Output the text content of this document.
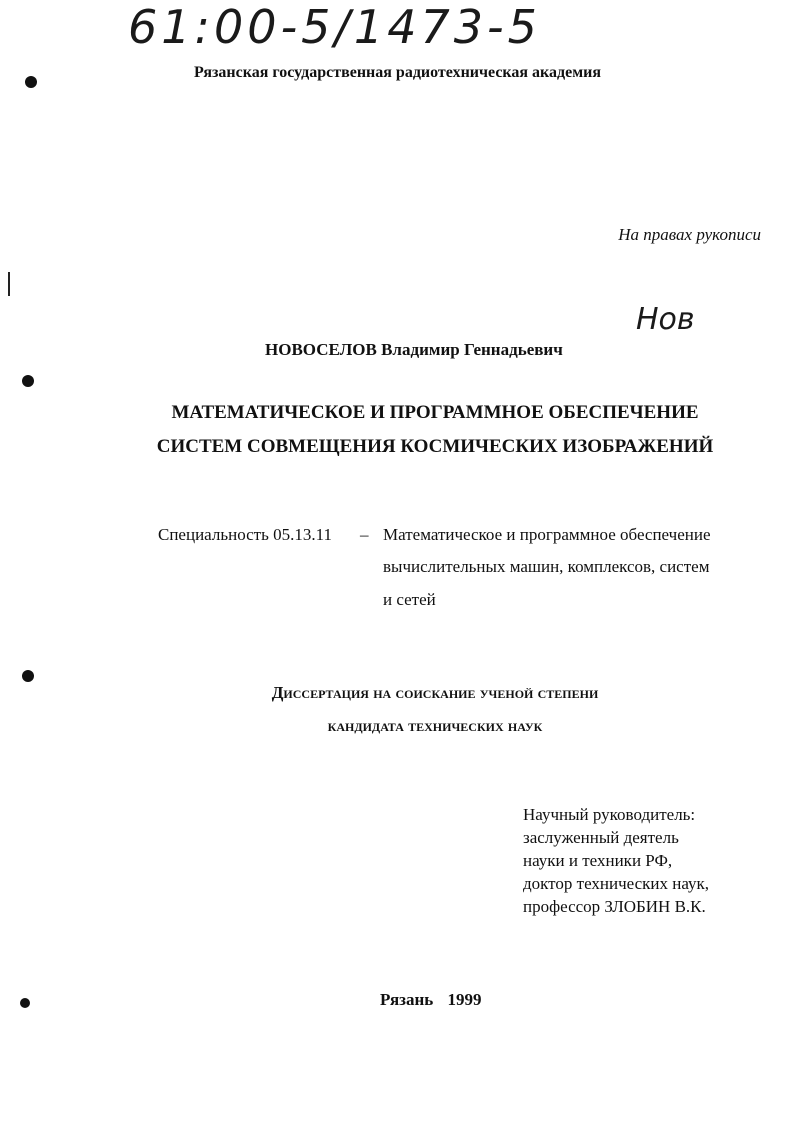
61:00-5/1473-5
Рязанская государственная радиотехническая академия
На правах рукописи
НОВОСЕЛОВ Владимир Геннадьевич
Нов
МАТЕМАТИЧЕСКОЕ И ПРОГРАММНОЕ ОБЕСПЕЧЕНИЕ
СИСТЕМ СОВМЕЩЕНИЯ КОСМИЧЕСКИХ ИЗОБРАЖЕНИЙ
Специальность 05.13.11 – Математическое и программное обеспечение
вычислительных машин, комплексов, систем
и сетей
Диссертация на соискание ученой степени
кандидата технических наук
Научный руководитель:
заслуженный деятель
науки и техники РФ,
доктор технических наук,
профессор ЗЛОБИН В.К.
Рязань 1999
